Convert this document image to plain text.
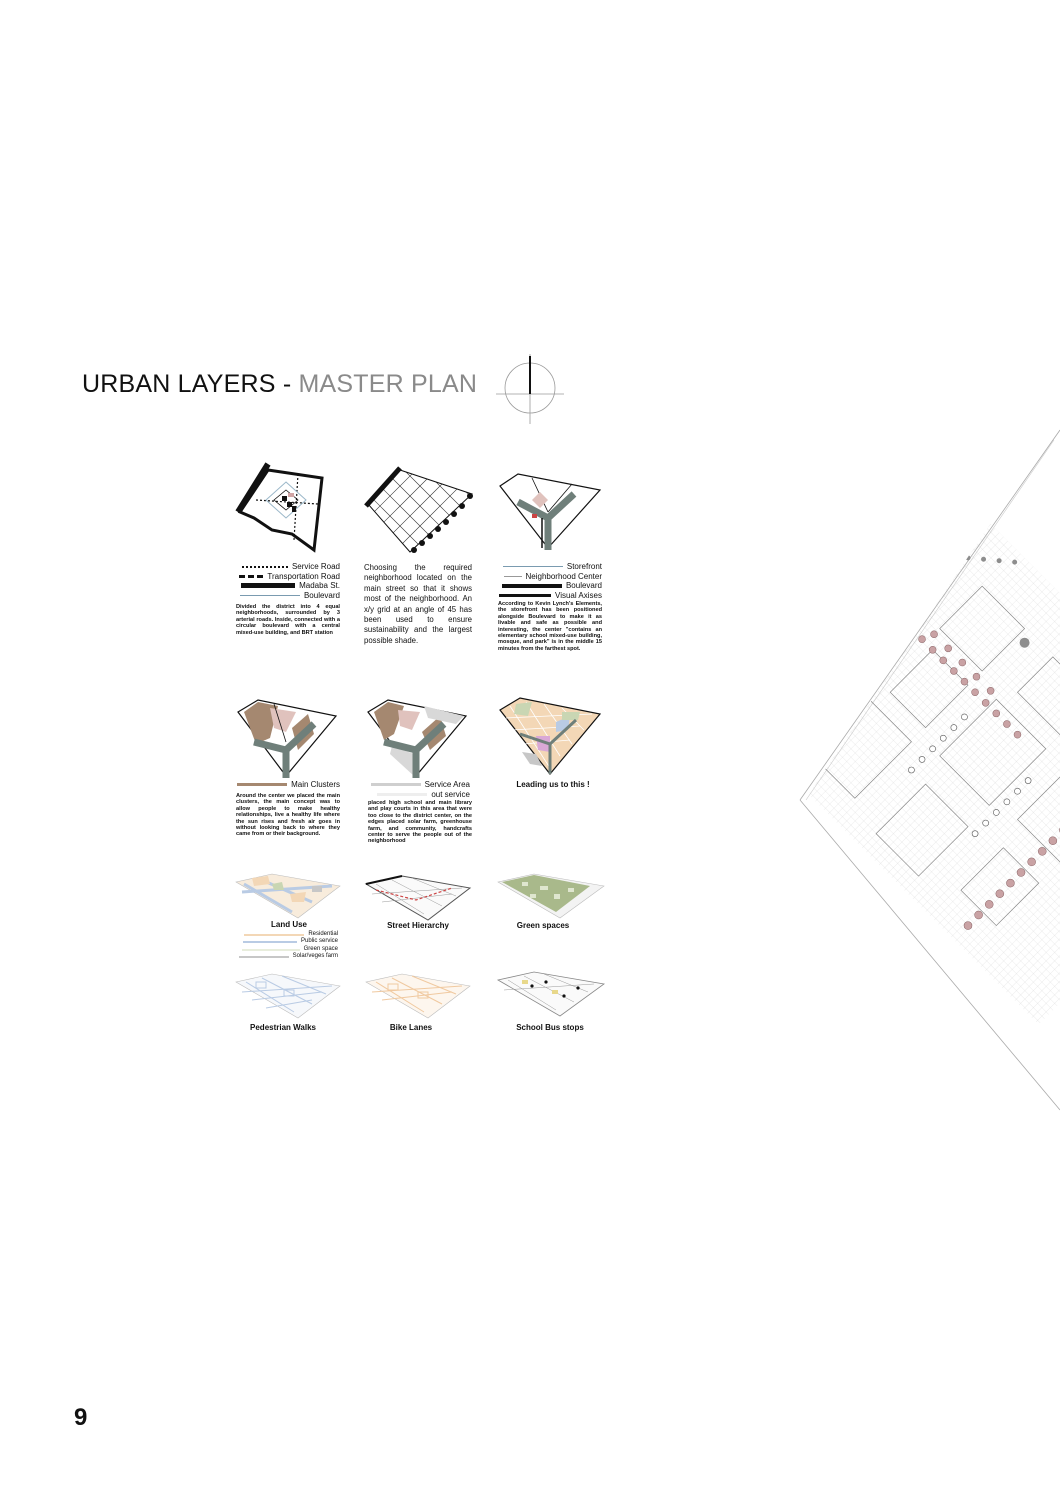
URBAN LAYERS - MASTER PLAN
Service Road
Transportation Road
Madaba St.
Boulevard
Divided the district into 4 equal neighborhoods, surrounded by 3 arterial roads. Inside, connected with a circular boulevard with a central mixed-use building, and BRT station
Choosing the required neighborhood located on the main street so that it shows most of the neighborhood. An x/y grid at an angle of 45 has been used to ensure sustainability and the largest possible shade.
Storefront
Neighborhood Center
Boulevard
Visual Axises
According to Kevin Lynch's Elements, the storefront has been positioned alongside Boulevard to make it as livable and safe as possible and interesting, the center "contains an elementary school mixed-use building, mosque, and park" is in the middle 15 minutes from the farthest spot.
Main Clusters
Around the center we placed the main clusters, the main concept was to allow people to make healthy relationships, live a healthy life where the sun rises and fresh air goes in without looking back to where they came from or their background.
Service Area
out service
placed high school and main library and play courts in this area that were too close to the district center, on the edges placed solar farm, greenhouse farm, and community, handcrafts center to serve the people out of the neighborhood
Leading us to this !
Land Use	Street Hierarchy	Green spaces
Residential
Public service
Green space
Solar/veges farm
Pedestrian Walks	Bike Lanes	School Bus stops
9
